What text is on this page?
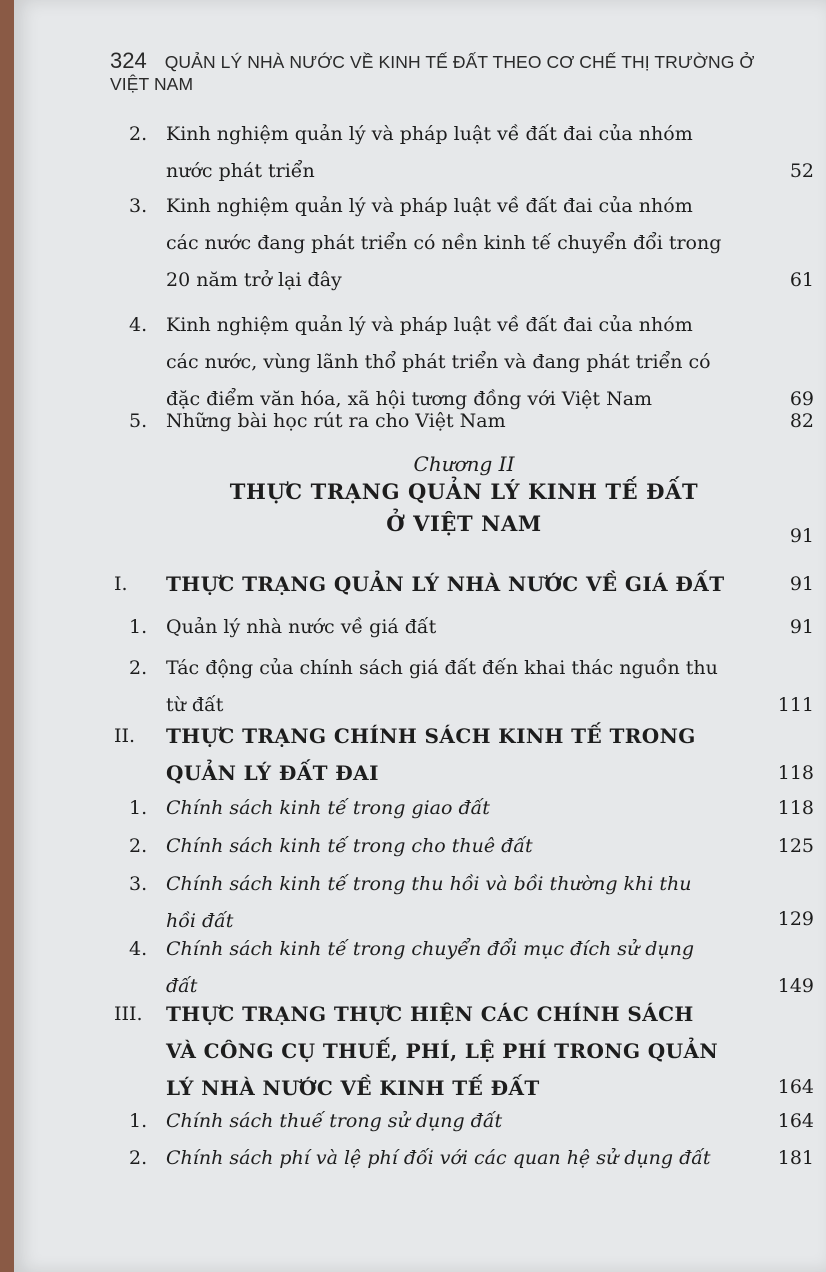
324 QUẢN LÝ NHÀ NƯỚC VỀ KINH TẾ ĐẤT THEO CƠ CHẾ THỊ TRƯỜNG Ở VIỆT NAM
2. Kinh nghiệm quản lý và pháp luật về đất đai của nhóm nước phát triển	52
3. Kinh nghiệm quản lý và pháp luật về đất đai của nhóm các nước đang phát triển có nền kinh tế chuyển đổi trong 20 năm trở lại đây	61
4. Kinh nghiệm quản lý và pháp luật về đất đai của nhóm các nước, vùng lãnh thổ phát triển và đang phát triển có đặc điểm văn hóa, xã hội tương đồng với Việt Nam	69
5. Những bài học rút ra cho Việt Nam	82
Chương II
THỰC TRẠNG QUẢN LÝ KINH TẾ ĐẤT
Ở VIỆT NAM	91
I. THỰC TRẠNG QUẢN LÝ NHÀ NƯỚC VỀ GIÁ ĐẤT	91
1. Quản lý nhà nước về giá đất	91
2. Tác động của chính sách giá đất đến khai thác nguồn thu từ đất	111
II. THỰC TRẠNG CHÍNH SÁCH KINH TẾ TRONG QUẢN LÝ ĐẤT ĐAI	118
1. Chính sách kinh tế trong giao đất	118
2. Chính sách kinh tế trong cho thuê đất	125
3. Chính sách kinh tế trong thu hồi và bồi thường khi thu hồi đất	129
4. Chính sách kinh tế trong chuyển đổi mục đích sử dụng đất	149
III. THỰC TRẠNG THỰC HIỆN CÁC CHÍNH SÁCH VÀ CÔNG CỤ THUẾ, PHÍ, LỆ PHÍ TRONG QUẢN LÝ NHÀ NƯỚC VỀ KINH TẾ ĐẤT	164
1. Chính sách thuế trong sử dụng đất	164
2. Chính sách phí và lệ phí đối với các quan hệ sử dụng đất	181
